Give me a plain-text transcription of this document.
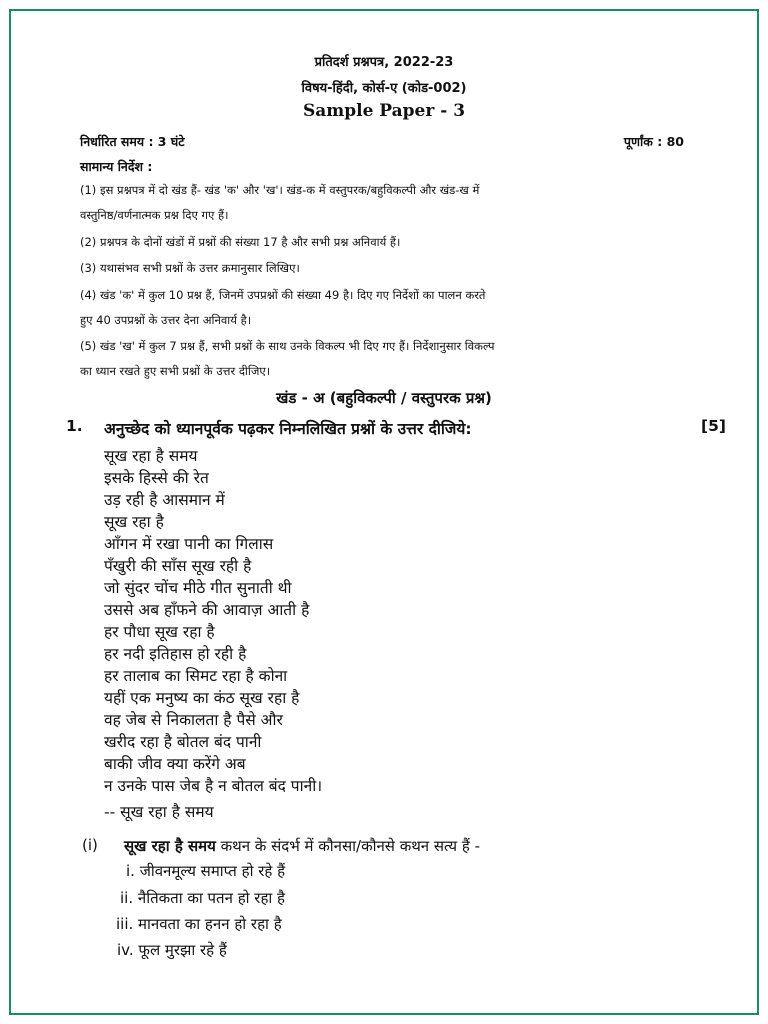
प्रतिदर्श प्रश्नपत्र, 2022-23
विषय-हिंदी, कोर्स-ए (कोड-002)
Sample Paper - 3
निर्धारित समय : 3 घंटे	पूर्णांक : 80
सामान्य निर्देश :
(1) इस प्रश्नपत्र में दो खंड हैं- खंड 'क' और 'ख'। खंड-क में वस्तुपरक/बहुविकल्पी और खंड-ख में
वस्तुनिष्ठ/वर्णनात्मक प्रश्न दिए गए हैं।
(2) प्रश्नपत्र के दोनों खंडों में प्रश्नों की संख्या 17 है और सभी प्रश्न अनिवार्य हैं।
(3) यथासंभव सभी प्रश्नों के उत्तर क्रमानुसार लिखिए।
(4) खंड 'क' में कुल 10 प्रश्न हैं, जिनमें उपप्रश्नों की संख्या 49 है। दिए गए निर्देशों का पालन करते
हुए 40 उपप्रश्नों के उत्तर देना अनिवार्य है।
(5) खंड 'ख' में कुल 7 प्रश्न हैं, सभी प्रश्नों के साथ उनके विकल्प भी दिए गए हैं। निर्देशानुसार विकल्प
का ध्यान रखते हुए सभी प्रश्नों के उत्तर दीजिए।
खंड - अ (बहुविकल्पी / वस्तुपरक प्रश्न)
1. अनुच्छेद को ध्यानपूर्वक पढ़कर निम्नलिखित प्रश्नों के उत्तर दीजिये:	[5]
सूख रहा है समय
इसके हिस्से की रेत
उड़ रही है आसमान में
सूख रहा है
आँगन में रखा पानी का गिलास
पँखुरी की साँस सूख रही है
जो सुंदर चोंच मीठे गीत सुनाती थी
उससे अब हाँफने की आवाज़ आती है
हर पौधा सूख रहा है
हर नदी इतिहास हो रही है
हर तालाब का सिमट रहा है कोना
यहीं एक मनुष्य का कंठ सूख रहा है
वह जेब से निकालता है पैसे और
खरीद रहा है बोतल बंद पानी
बाकी जीव क्या करेंगे अब
न उनके पास जेब है न बोतल बंद पानी।
-- सूख रहा है समय
(i) सूख रहा है समय कथन के संदर्भ में कौनसा/कौनसे कथन सत्य हैं -
i. जीवनमूल्य समाप्त हो रहे हैं
ii. नैतिकता का पतन हो रहा है
iii. मानवता का हनन हो रहा है
iv. फूल मुरझा रहे हैं
